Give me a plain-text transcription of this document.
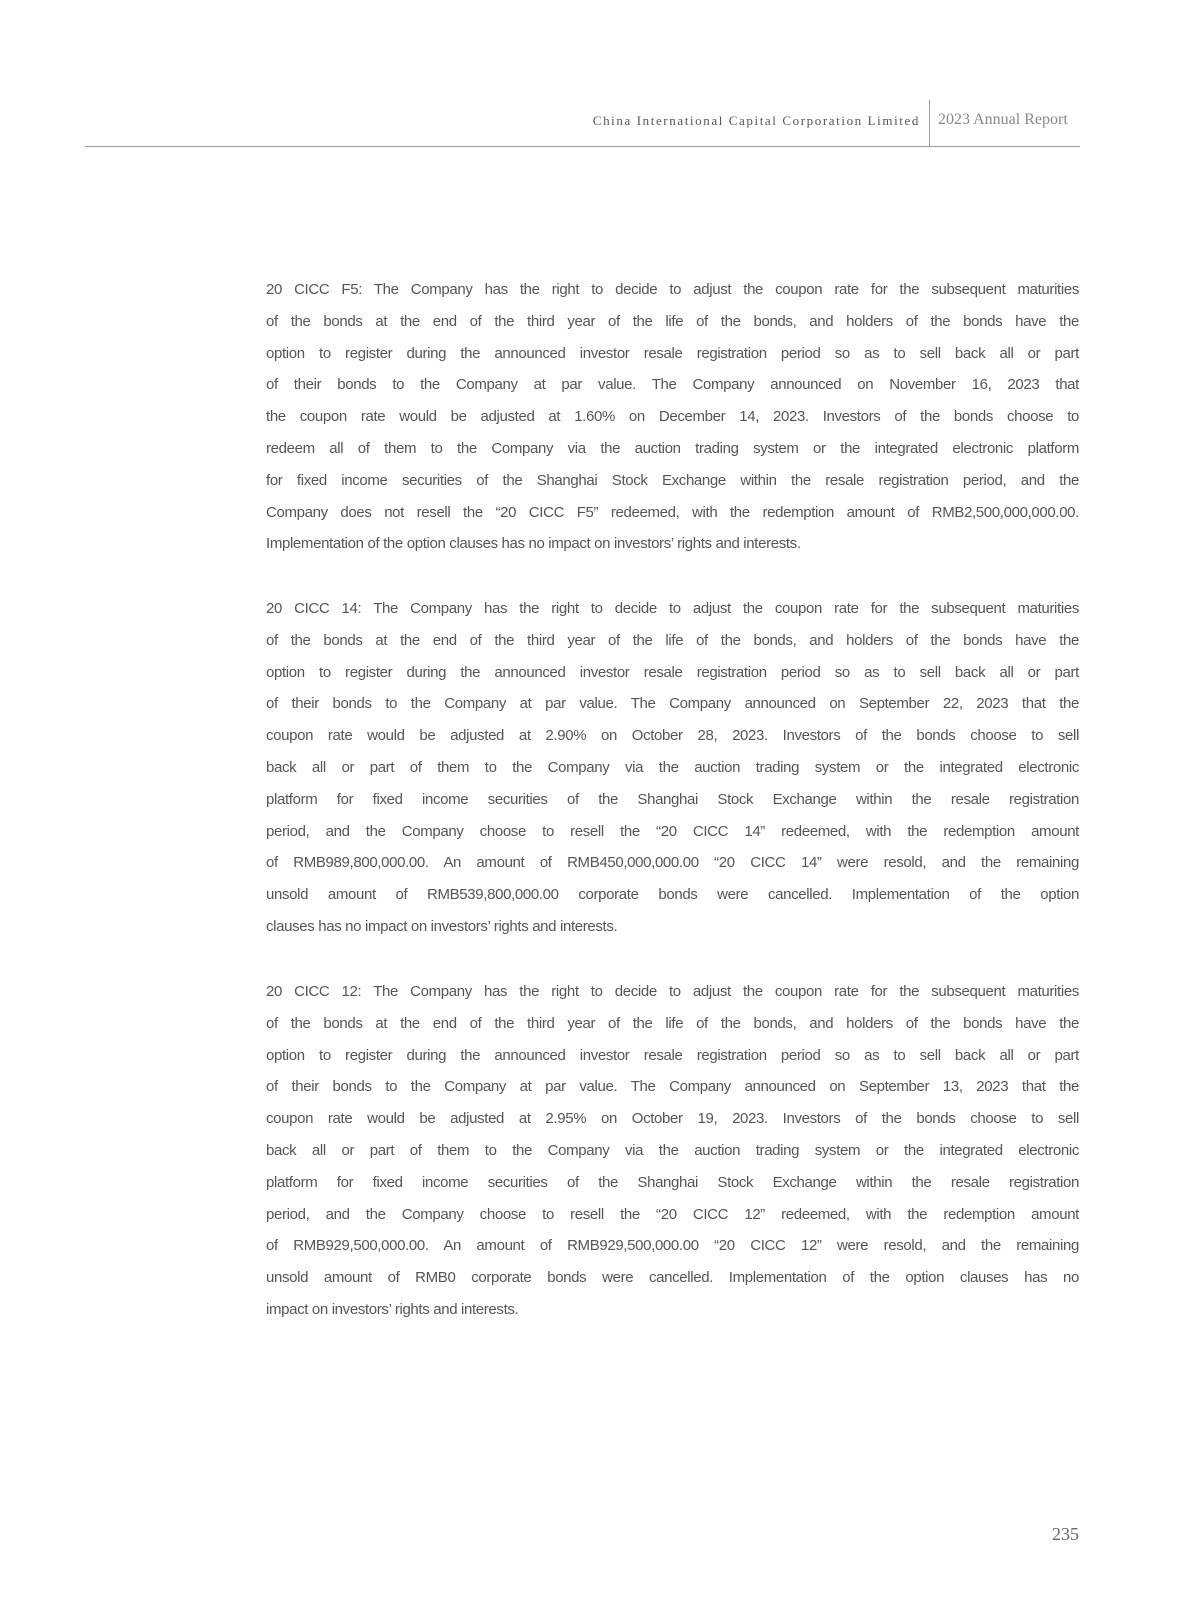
China International Capital Corporation Limited 2023 Annual Report
20 CICC F5: The Company has the right to decide to adjust the coupon rate for the subsequent maturities
of the bonds at the end of the third year of the life of the bonds, and holders of the bonds have the
option to register during the announced investor resale registration period so as to sell back all or part
of their bonds to the Company at par value. The Company announced on November 16, 2023 that
the coupon rate would be adjusted at 1.60% on December 14, 2023. Investors of the bonds choose to
redeem all of them to the Company via the auction trading system or the integrated electronic platform
for fixed income securities of the Shanghai Stock Exchange within the resale registration period, and the
Company does not resell the “20 CICC F5” redeemed, with the redemption amount of RMB2,500,000,000.00.
Implementation of the option clauses has no impact on investors’ rights and interests.
20 CICC 14: The Company has the right to decide to adjust the coupon rate for the subsequent maturities
of the bonds at the end of the third year of the life of the bonds, and holders of the bonds have the
option to register during the announced investor resale registration period so as to sell back all or part
of their bonds to the Company at par value. The Company announced on September 22, 2023 that the
coupon rate would be adjusted at 2.90% on October 28, 2023. Investors of the bonds choose to sell
back all or part of them to the Company via the auction trading system or the integrated electronic
platform for fixed income securities of the Shanghai Stock Exchange within the resale registration
period, and the Company choose to resell the “20 CICC 14” redeemed, with the redemption amount
of RMB989,800,000.00. An amount of RMB450,000,000.00 “20 CICC 14” were resold, and the remaining
unsold amount of RMB539,800,000.00 corporate bonds were cancelled. Implementation of the option
clauses has no impact on investors’ rights and interests.
20 CICC 12: The Company has the right to decide to adjust the coupon rate for the subsequent maturities
of the bonds at the end of the third year of the life of the bonds, and holders of the bonds have the
option to register during the announced investor resale registration period so as to sell back all or part
of their bonds to the Company at par value. The Company announced on September 13, 2023 that the
coupon rate would be adjusted at 2.95% on October 19, 2023. Investors of the bonds choose to sell
back all or part of them to the Company via the auction trading system or the integrated electronic
platform for fixed income securities of the Shanghai Stock Exchange within the resale registration
period, and the Company choose to resell the “20 CICC 12” redeemed, with the redemption amount
of RMB929,500,000.00. An amount of RMB929,500,000.00 “20 CICC 12” were resold, and the remaining
unsold amount of RMB0 corporate bonds were cancelled. Implementation of the option clauses has no
impact on investors’ rights and interests.
235
